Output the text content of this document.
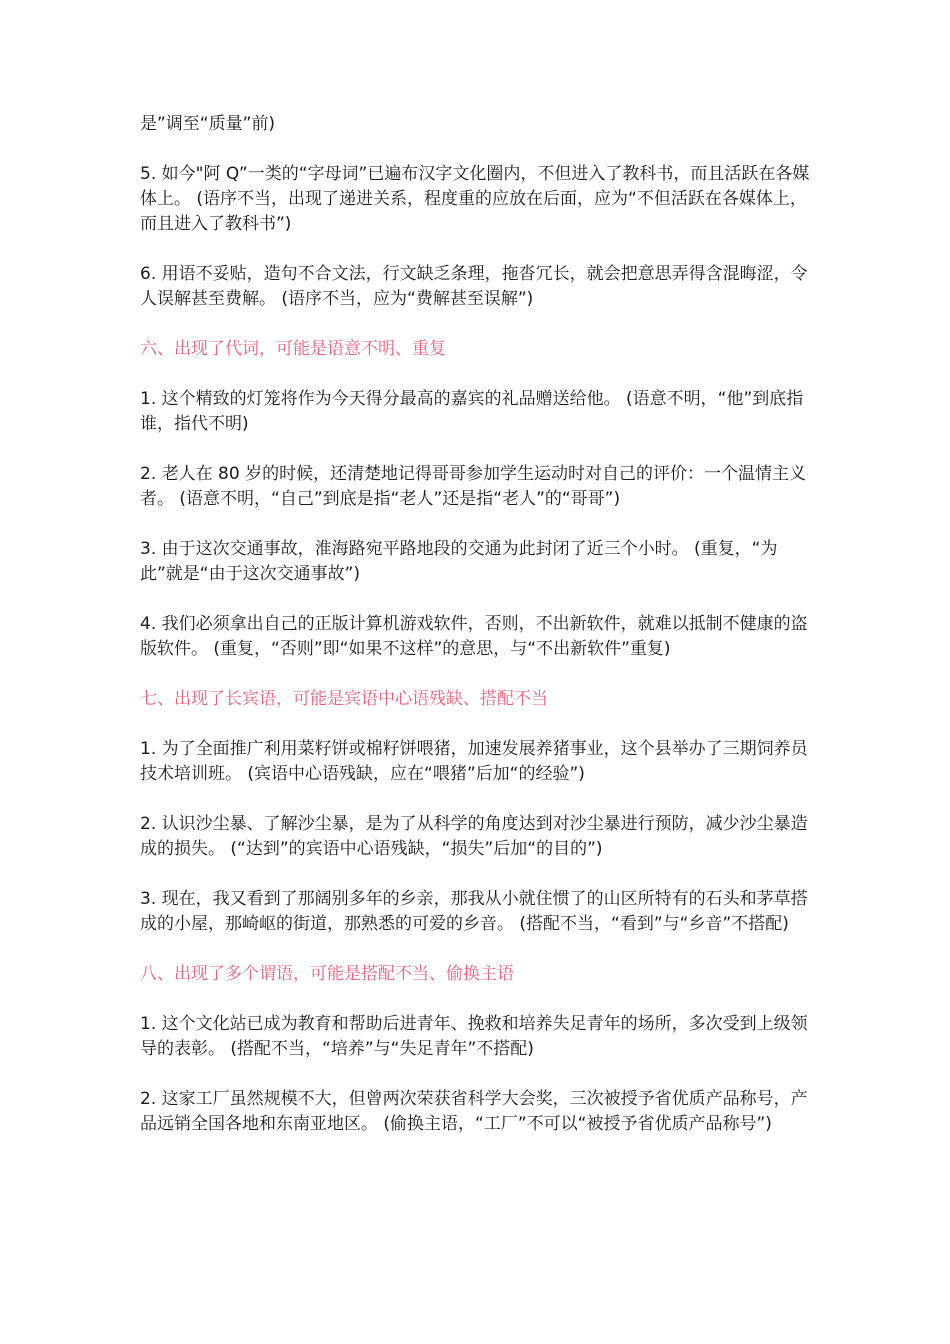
是”调至“质量”前)

5. 如今"阿 Q”一类的“字母词”已遍布汉字文化圈内，不但进入了教科书，而且活跃在各媒体上。 (语序不当，出现了递进关系，程度重的应放在后面，应为“不但活跃在各媒体上，而且进入了教科书”)

6. 用语不妥贴，造句不合文法，行文缺乏条理，拖沓冗长，就会把意思弄得含混晦涩，令人误解甚至费解。 (语序不当，应为“费解甚至误解”)

六、出现了代词，可能是语意不明、重复

1. 这个精致的灯笼将作为今天得分最高的嘉宾的礼品赠送给他。 (语意不明，“他”到底指谁，指代不明)

2. 老人在 80 岁的时候，还清楚地记得哥哥参加学生运动时对自己的评价：一个温情主义者。 (语意不明，“自己”到底是指“老人”还是指“老人”的“哥哥”)

3. 由于这次交通事故，淮海路宛平路地段的交通为此封闭了近三个小时。 (重复，“为此”就是“由于这次交通事故”)

4. 我们必须拿出自己的正版计算机游戏软件，否则，不出新软件，就难以抵制不健康的盗版软件。 (重复，“否则”即“如果不这样”的意思，与“不出新软件”重复)

七、出现了长宾语，可能是宾语中心语残缺、搭配不当

1. 为了全面推广利用菜籽饼或棉籽饼喂猪，加速发展养猪事业，这个县举办了三期饲养员技术培训班。 (宾语中心语残缺，应在“喂猪”后加“的经验”)

2. 认识沙尘暴、了解沙尘暴，是为了从科学的角度达到对沙尘暴进行预防，减少沙尘暴造成的损失。 (“达到”的宾语中心语残缺，“损失”后加“的目的”)

3. 现在，我又看到了那阔别多年的乡亲，那我从小就住惯了的山区所特有的石头和茅草搭成的小屋，那崎岖的街道，那熟悉的可爱的乡音。 (搭配不当，“看到”与“乡音”不搭配)

八、出现了多个谓语，可能是搭配不当、偷换主语

1. 这个文化站已成为教育和帮助后进青年、挽救和培养失足青年的场所，多次受到上级领导的表彰。 (搭配不当，“培养”与“失足青年”不搭配)

2. 这家工厂虽然规模不大，但曾两次荣获省科学大会奖，三次被授予省优质产品称号，产品远销全国各地和东南亚地区。 (偷换主语，“工厂”不可以“被授予省优质产品称号”)
